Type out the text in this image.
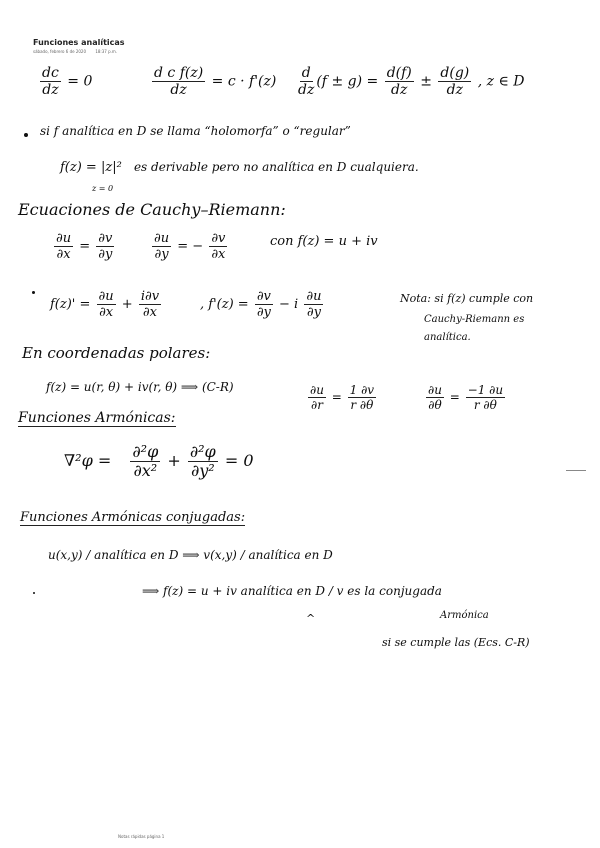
Funciones analíticas
sábado, febrero 6 de 2020 18:37 p.m.
$\frac{dc}{dz} = 0$	$\frac{\text{d c f(z)}}{dz} = c \cdot f'(z) \frac{d}{dz} (f \pm g) = \frac{d(f)}{dz} \pm \frac{d(g)}{dz}$ , z ∈ D
si f analítica en D se llama “holomorfa” o “regular”
f(z) = |z|² es derivable pero no analítica en D cualquiera.
z = 0
Ecuaciones de Cauchy–Riemann:
$\frac{\partial u}{\partial x} = \frac{\partial v}{\partial y}$	$\frac{\partial u}{\partial y}$ = − $\frac{\partial v}{\partial x}$	con f(z) = u + iv
$f(z)' = \frac{\partial u}{\partial x} + \frac{i\partial v}{\partial x}$	, $f'(z) = \frac{\partial v}{\partial y} - i \frac{\partial u}{\partial y}$	Nota: si f(z) cumple con
Cauchy-Riemann es
analítica.
En coordenadas polares:
f(z) = u(r, θ) + iv(r, θ) ⟹ (C-R)	$\frac{\partial u}{\partial r} = \frac{1 \partial v}{r \partial\theta}$	$\frac{\partial u}{\partial\theta} = \frac{-1 \partial u}{r \partial\theta}$
Funciones Armónicas:
$\nabla^2\varphi = \frac{\text{∂²φ}}{\text{∂x²}} + \frac{\text{∂²φ}}{\text{∂y²}} = 0$
Funciones Armónicas conjugadas:
u(x,y) / analítica en D ⟹ v(x,y) / analítica en D
⟹ f(z) = u + iv analítica en D / v es la conjugada
Armónica
^
si se cumple las (Ecs. C-R)
Notas rápidas página 1
